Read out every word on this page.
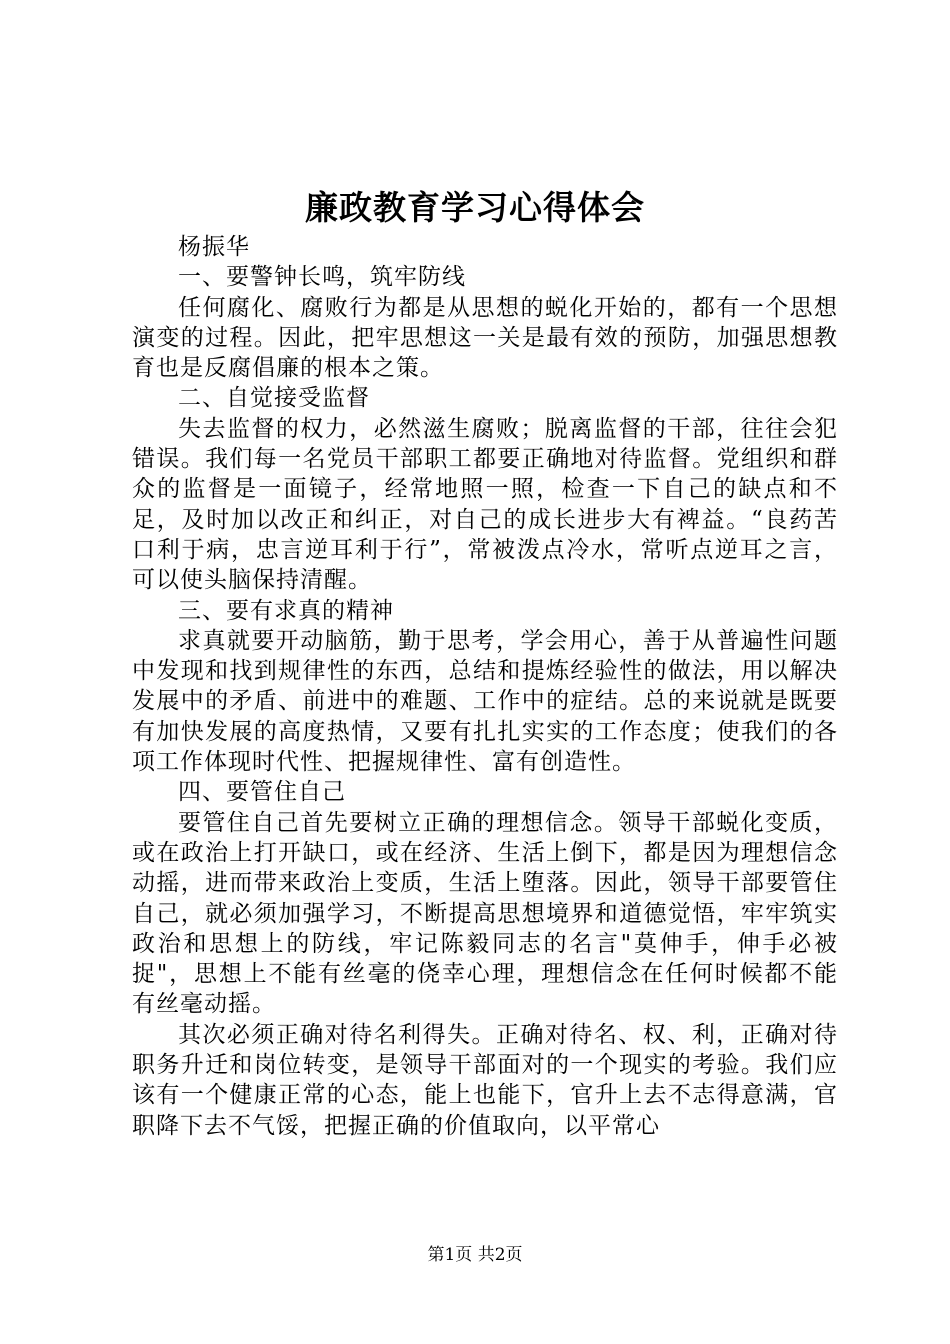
廉政教育学习心得体会

杨振华

一、要警钟长鸣，筑牢防线

任何腐化、腐败行为都是从思想的蜕化开始的，都有一个思想演变的过程。因此，把牢思想这一关是最有效的预防，加强思想教育也是反腐倡廉的根本之策。

二、自觉接受监督

失去监督的权力，必然滋生腐败；脱离监督的干部，往往会犯错误。我们每一名党员干部职工都要正确地对待监督。党组织和群众的监督是一面镜子，经常地照一照，检查一下自己的缺点和不足，及时加以改正和纠正，对自己的成长进步大有裨益。“良药苦口利于病，忠言逆耳利于行”，常被泼点冷水，常听点逆耳之言，可以使头脑保持清醒。

三、要有求真的精神

求真就要开动脑筋，勤于思考，学会用心，善于从普遍性问题中发现和找到规律性的东西，总结和提炼经验性的做法，用以解决发展中的矛盾、前进中的难题、工作中的症结。总的来说就是既要有加快发展的高度热情，又要有扎扎实实的工作态度；使我们的各项工作体现时代性、把握规律性、富有创造性。

四、要管住自己

要管住自己首先要树立正确的理想信念。领导干部蜕化变质，或在政治上打开缺口，或在经济、生活上倒下，都是因为理想信念动摇，进而带来政治上变质，生活上堕落。因此，领导干部要管住自己，就必须加强学习，不断提高思想境界和道德觉悟，牢牢筑实政治和思想上的防线，牢记陈毅同志的名言"莫伸手，伸手必被捉"，思想上不能有丝毫的侥幸心理，理想信念在任何时候都不能有丝毫动摇。

其次必须正确对待名利得失。正确对待名、权、利，正确对待职务升迁和岗位转变，是领导干部面对的一个现实的考验。我们应该有一个健康正常的心态，能上也能下，官升上去不志得意满，官职降下去不气馁，把握正确的价值取向，以平常心

第1页 共2页
